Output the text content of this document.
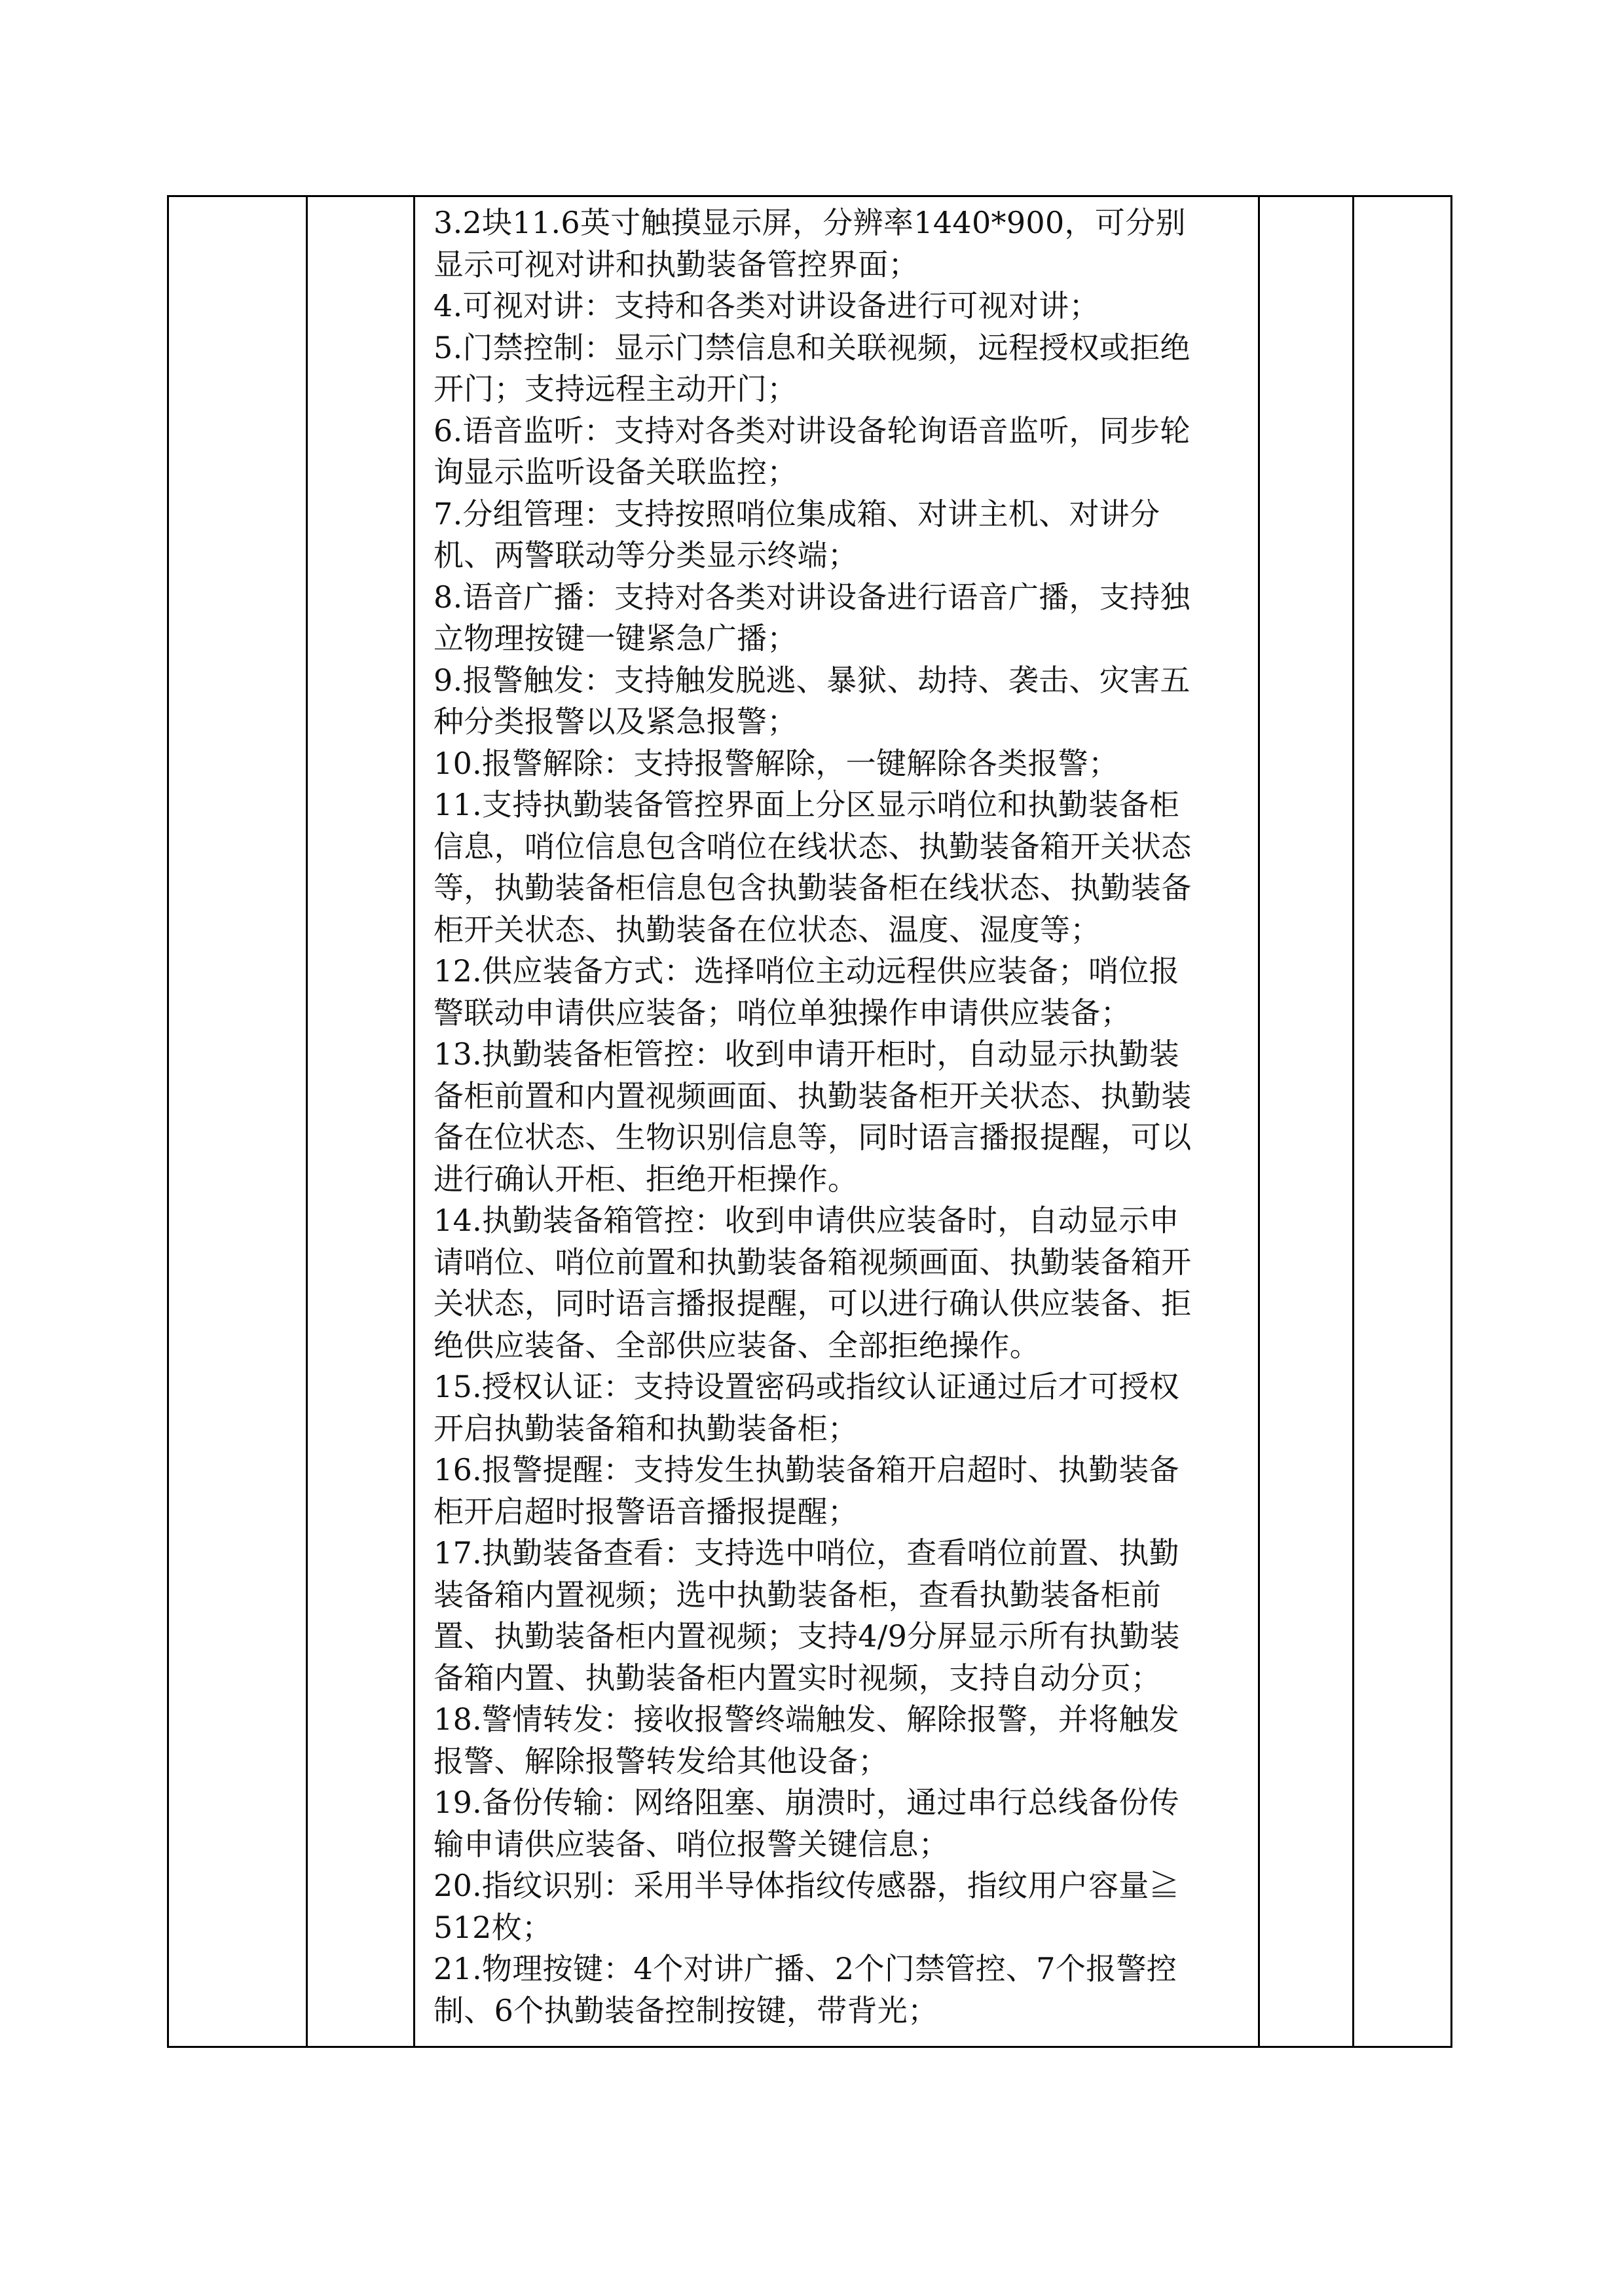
3.2块11.6英寸触摸显示屏，分辨率1440*900，可分别
显示可视对讲和执勤装备管控界面；
4.可视对讲：支持和各类对讲设备进行可视对讲；
5.门禁控制：显示门禁信息和关联视频，远程授权或拒绝
开门；支持远程主动开门；
6.语音监听：支持对各类对讲设备轮询语音监听，同步轮
询显示监听设备关联监控；
7.分组管理：支持按照哨位集成箱、对讲主机、对讲分
机、两警联动等分类显示终端；
8.语音广播：支持对各类对讲设备进行语音广播，支持独
立物理按键一键紧急广播；
9.报警触发：支持触发脱逃、暴狱、劫持、袭击、灾害五
种分类报警以及紧急报警；
10.报警解除：支持报警解除，一键解除各类报警；
11.支持执勤装备管控界面上分区显示哨位和执勤装备柜
信息，哨位信息包含哨位在线状态、执勤装备箱开关状态
等，执勤装备柜信息包含执勤装备柜在线状态、执勤装备
柜开关状态、执勤装备在位状态、温度、湿度等；
12.供应装备方式：选择哨位主动远程供应装备；哨位报
警联动申请供应装备；哨位单独操作申请供应装备；
13.执勤装备柜管控：收到申请开柜时，自动显示执勤装
备柜前置和内置视频画面、执勤装备柜开关状态、执勤装
备在位状态、生物识别信息等，同时语言播报提醒，可以
进行确认开柜、拒绝开柜操作。
14.执勤装备箱管控：收到申请供应装备时，自动显示申
请哨位、哨位前置和执勤装备箱视频画面、执勤装备箱开
关状态，同时语言播报提醒，可以进行确认供应装备、拒
绝供应装备、全部供应装备、全部拒绝操作。
15.授权认证：支持设置密码或指纹认证通过后才可授权
开启执勤装备箱和执勤装备柜；
16.报警提醒：支持发生执勤装备箱开启超时、执勤装备
柜开启超时报警语音播报提醒；
17.执勤装备查看：支持选中哨位，查看哨位前置、执勤
装备箱内置视频；选中执勤装备柜，查看执勤装备柜前
置、执勤装备柜内置视频；支持4/9分屏显示所有执勤装
备箱内置、执勤装备柜内置实时视频，支持自动分页；
18.警情转发：接收报警终端触发、解除报警，并将触发
报警、解除报警转发给其他设备；
19.备份传输：网络阻塞、崩溃时，通过串行总线备份传
输申请供应装备、哨位报警关键信息；
20.指纹识别：采用半导体指纹传感器，指纹用户容量≧
512枚；
21.物理按键：4个对讲广播、2个门禁管控、7个报警控
制、6个执勤装备控制按键，带背光；
